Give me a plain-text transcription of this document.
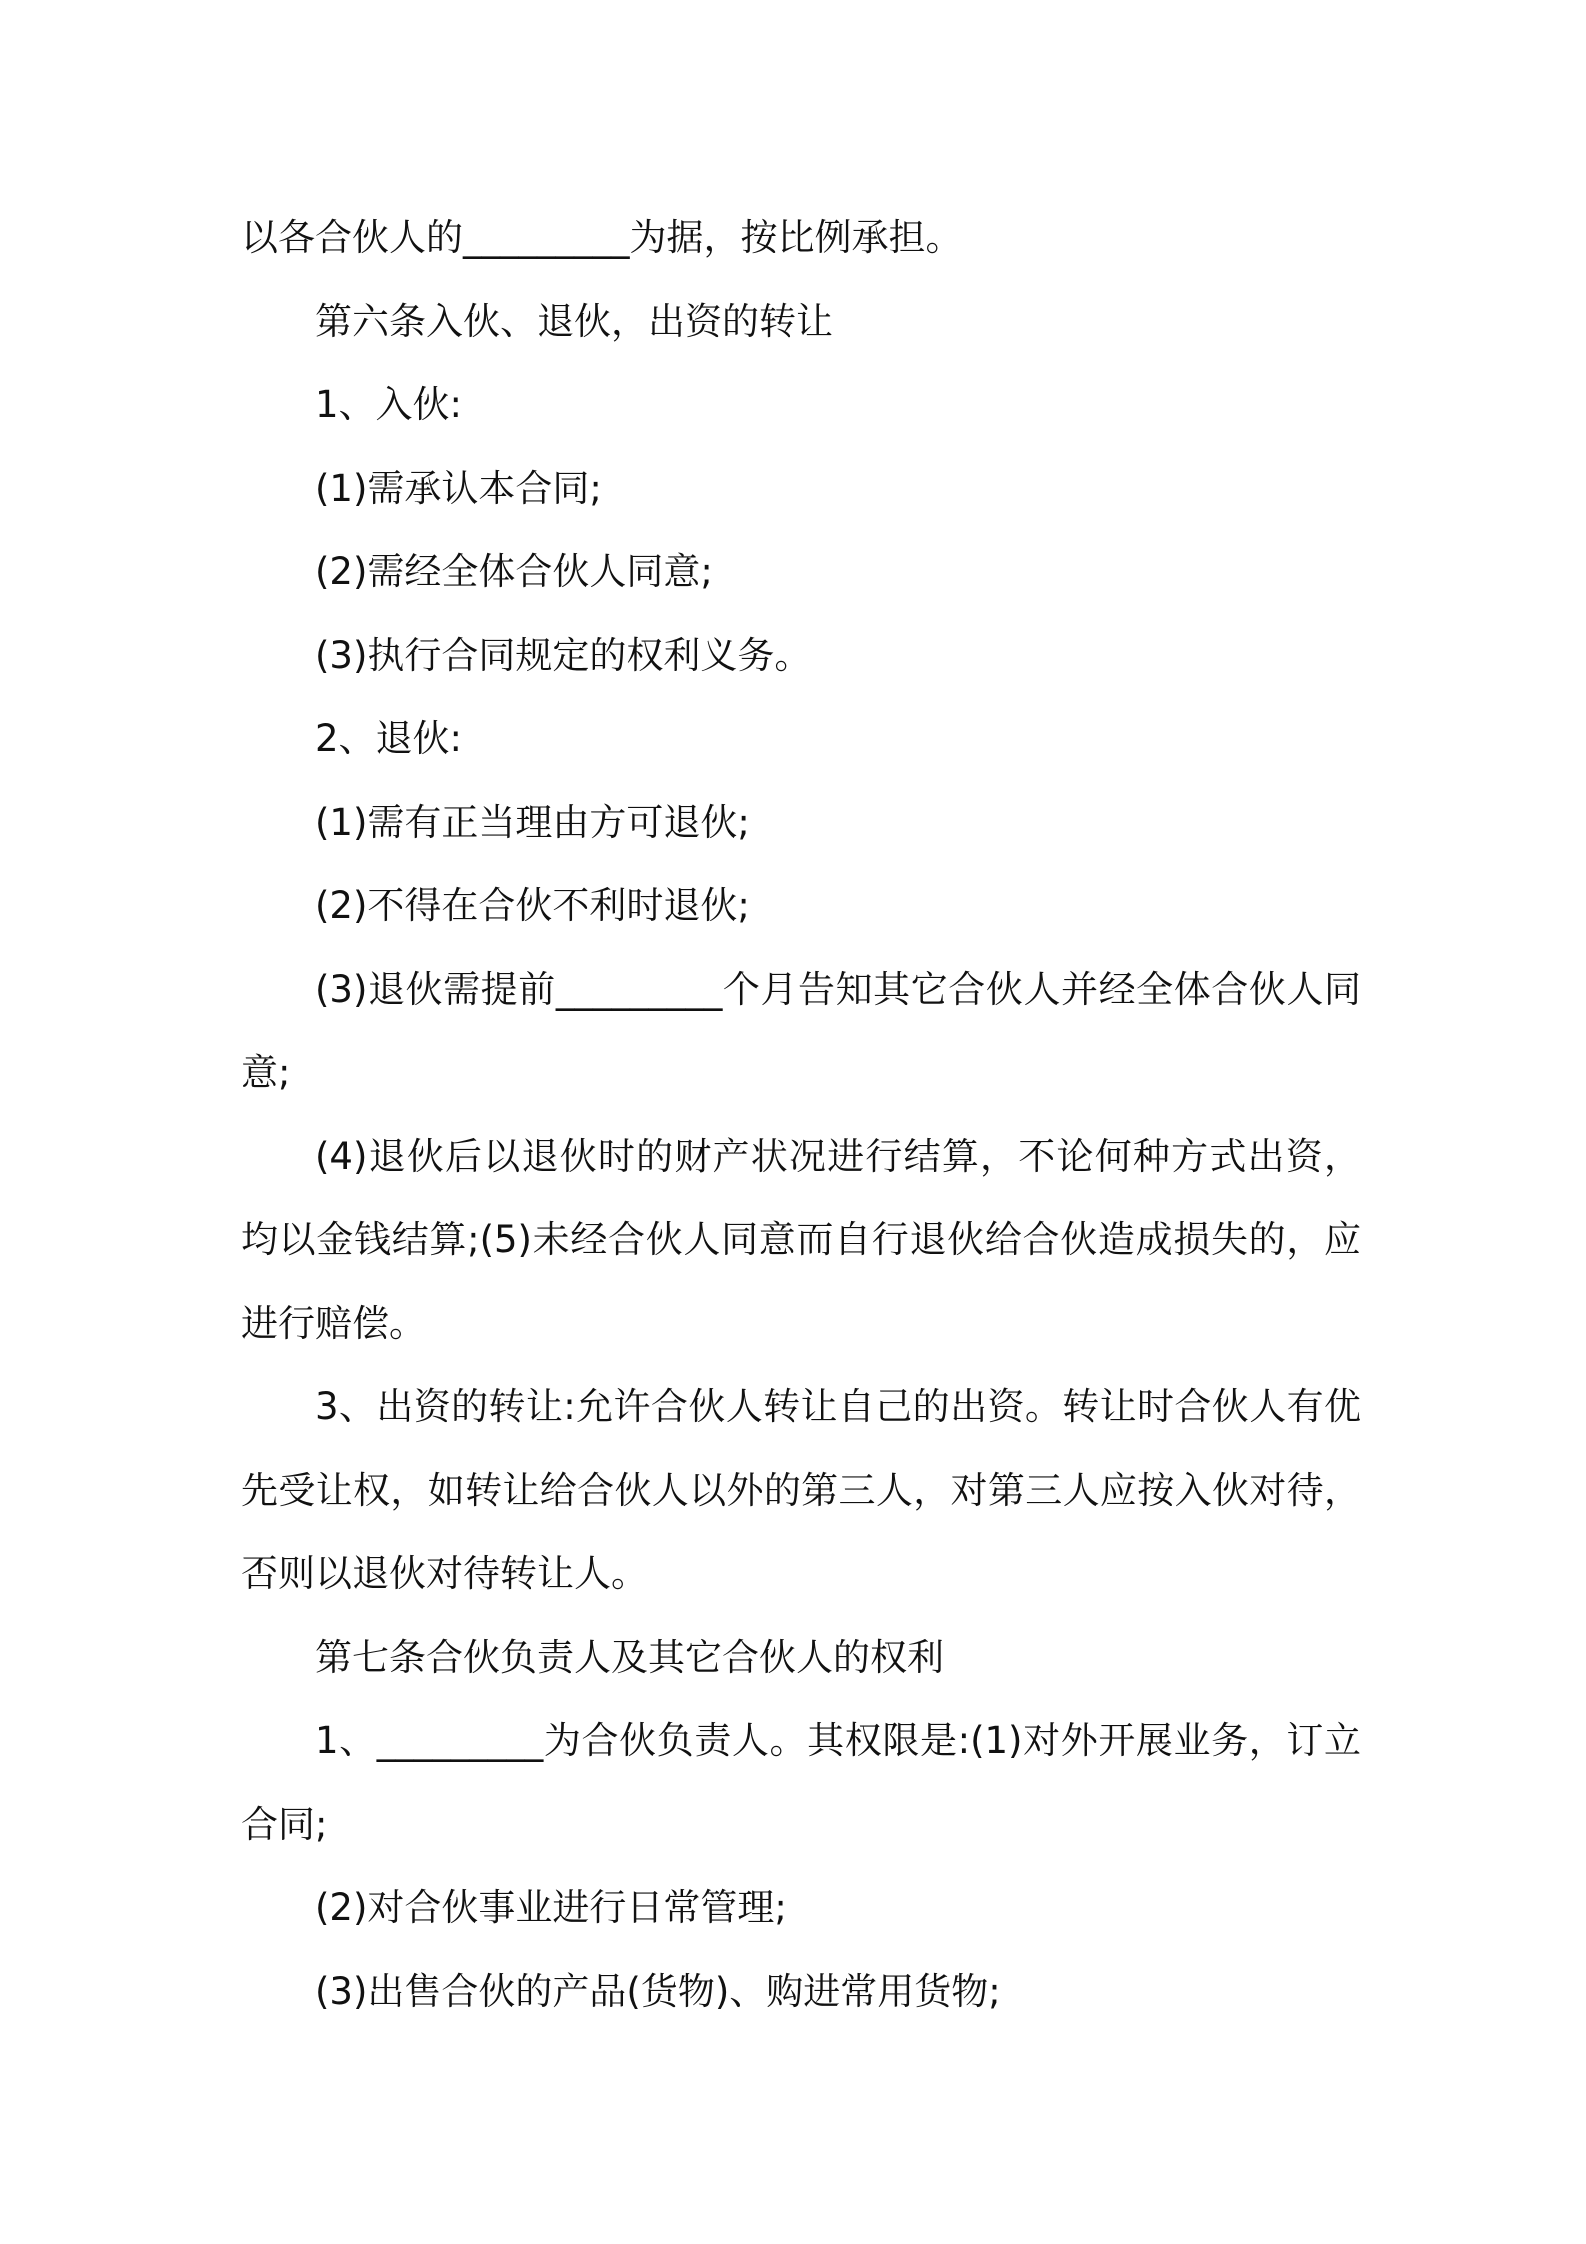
以各合伙人的_________为据，按比例承担。

第六条入伙、退伙，出资的转让

1、入伙:

(1)需承认本合同;

(2)需经全体合伙人同意;

(3)执行合同规定的权利义务。

2、退伙:

(1)需有正当理由方可退伙;

(2)不得在合伙不利时退伙;

(3)退伙需提前_________个月告知其它合伙人并经全体合伙人同意;

(4)退伙后以退伙时的财产状况进行结算，不论何种方式出资，均以金钱结算;(5)未经合伙人同意而自行退伙给合伙造成损失的，应进行赔偿。

3、出资的转让:允许合伙人转让自己的出资。转让时合伙人有优先受让权，如转让给合伙人以外的第三人，对第三人应按入伙对待，否则以退伙对待转让人。

第七条合伙负责人及其它合伙人的权利

1、_________为合伙负责人。其权限是:(1)对外开展业务，订立合同;

(2)对合伙事业进行日常管理;

(3)出售合伙的产品(货物)、购进常用货物;
